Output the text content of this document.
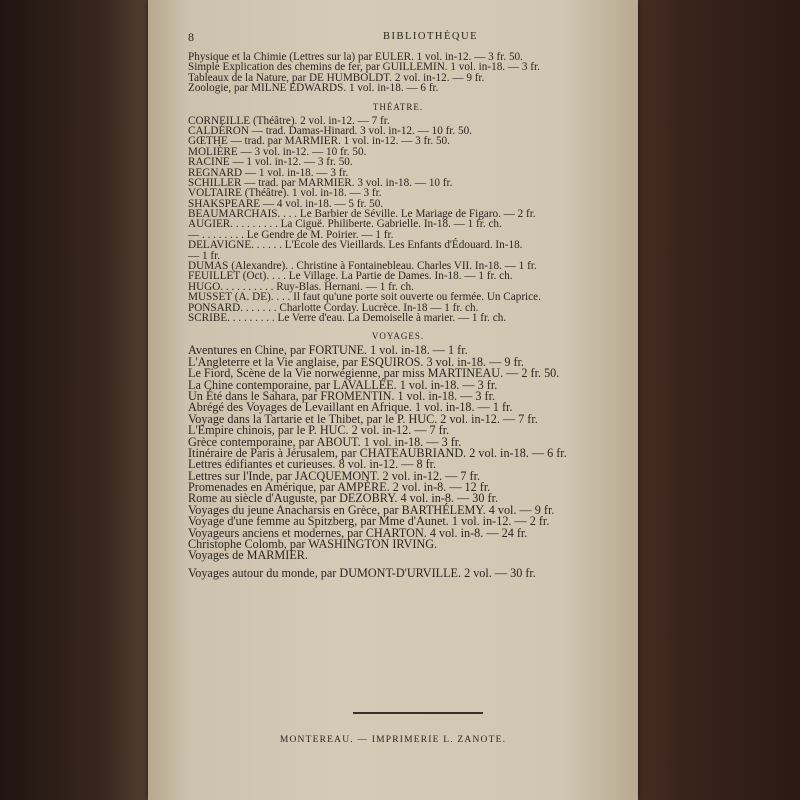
8	BIBLIOTHÈQUE
Physique et la Chimie (Lettres sur la) par EULER. 1 vol. in-12. — 3 fr. 50.
Simple Explication des chemins de fer, par GUILLEMIN. 1 vol. in-18. — 3 fr.
Tableaux de la Nature, par DE HUMBOLDT. 2 vol. in-12. — 9 fr.
Zoologie, par MILNE EDWARDS. 1 vol. in-18. — 6 fr.
THÉATRE.
CORNEILLE (Théâtre). 2 vol. in-12. — 7 fr.
CALDÉRON — trad. Damas-Hinard. 3 vol. in-12. — 10 fr. 50.
GŒTHE — trad. par MARMIER. 1 vol. in-12. — 3 fr. 50.
MOLIÈRE — 3 vol. in-12. — 10 fr. 50.
RACINE — 1 vol. in-12. — 3 fr. 50.
REGNARD — 1 vol. in-18. — 3 fr.
SCHILLER — trad. par MARMIER. 3 vol. in-18. — 10 fr.
VOLTAIRE (Théâtre). 1 vol. in-18. — 3 fr.
SHAKSPEARE — 4 vol. in-18. — 5 fr. 50.
BEAUMARCHAIS. . . . Le Barbier de Séville. Le Mariage de Figaro. — 2 fr.
AUGIER. . . . . . . . . La Ciguë. Philiberte. Gabrielle. In-18. — 1 fr. ch.
— . . . . . . . . Le Gendre de M. Poirier. — 1 fr.
DELAVIGNE. . . . . . L'École des Vieillards. Les Enfants d'Édouard. In-18.
— 1 fr.
DUMAS (Alexandre). . Christine à Fontainebleau. Charles VII. In-18. — 1 fr.
FEUILLET (Oct). . . . Le Village. La Partie de Dames. In-18. — 1 fr. ch.
HUGO. . . . . . . . . . Ruy-Blas. Hernani. — 1 fr. ch.
MUSSET (A. DE). . . . Il faut qu'une porte soit ouverte ou fermée. Un Caprice.
PONSARD. . . . . . . Charlotte Corday. Lucrèce. In-18 — 1 fr. ch.
SCRIBE. . . . . . . . . Le Verre d'eau. La Demoiselle à marier. — 1 fr. ch.
VOYAGES.
Aventures en Chine, par FORTUNE. 1 vol. in-18. — 1 fr.
L'Angleterre et la Vie anglaise, par ESQUIROS. 3 vol. in-18. — 9 fr.
Le Fiord, Scène de la Vie norwégienne, par miss MARTINEAU. — 2 fr. 50.
La Chine contemporaine, par LAVALLÉE. 1 vol. in-18. — 3 fr.
Un Été dans le Sahara, par FROMENTIN. 1 vol. in-18. — 3 fr.
Abrégé des Voyages de Levaillant en Afrique. 1 vol. in-18. — 1 fr.
Voyage dans la Tartarie et le Thibet, par le P. HUC. 2 vol. in-12. — 7 fr.
L'Empire chinois, par le P. HUC. 2 vol. in-12. — 7 fr.
Grèce contemporaine, par ABOUT. 1 vol. in-18. — 3 fr.
Itinéraire de Paris à Jérusalem, par CHATEAUBRIAND. 2 vol. in-18. — 6 fr.
Lettres édifiantes et curieuses. 8 vol. in-12. — 8 fr.
Lettres sur l'Inde, par JACQUEMONT. 2 vol. in-12. — 7 fr.
Promenades en Amérique, par AMPÈRE. 2 vol. in-8. — 12 fr.
Rome au siècle d'Auguste, par DEZOBRY. 4 vol. in-8. — 30 fr.
Voyages du jeune Anacharsis en Grèce, par BARTHÉLEMY. 4 vol. — 9 fr.
Voyage d'une femme au Spitzberg, par Mme d'Aunet. 1 vol. in-12. — 2 fr.
Voyageurs anciens et modernes, par CHARTON. 4 vol. in-8. — 24 fr.
Christophe Colomb, par WASHINGTON IRVING.
Voyages de MARMIER.
Voyages autour du monde, par DUMONT-D'URVILLE. 2 vol. — 30 fr.
MONTEREAU. — IMPRIMERIE L. ZANOTE.
